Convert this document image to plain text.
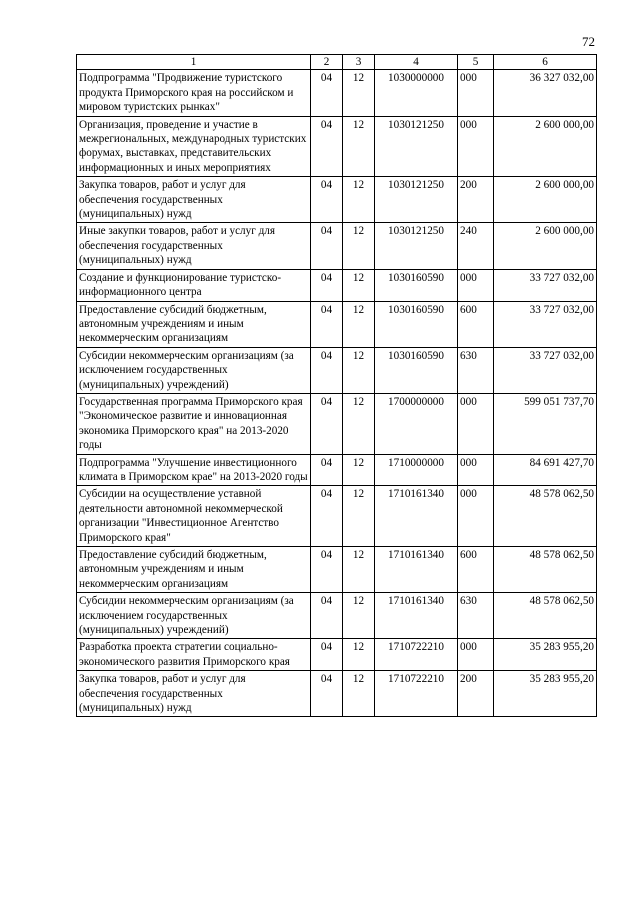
72
1	2	3	4	5	6
Подпрограмма "Продвижение туристского продукта Приморского края на российском и мировом туристских рынках"	04	12	1030000000	000	36 327 032,00
Организация, проведение и участие в межрегиональных, международных туристских форумах, выставках, представительских информационных и иных мероприятиях	04	12	1030121250	000	2 600 000,00
Закупка товаров, работ и услуг для обеспечения государственных (муниципальных) нужд	04	12	1030121250	200	2 600 000,00
Иные закупки товаров, работ и услуг для обеспечения государственных (муниципальных) нужд	04	12	1030121250	240	2 600 000,00
Создание и функционирование туристско-информационного центра	04	12	1030160590	000	33 727 032,00
Предоставление субсидий бюджетным, автономным учреждениям и иным некоммерческим организациям	04	12	1030160590	600	33 727 032,00
Субсидии некоммерческим организациям (за исключением государственных (муниципальных) учреждений)	04	12	1030160590	630	33 727 032,00
Государственная программа Приморского края "Экономическое развитие и инновационная экономика Приморского края" на 2013-2020 годы	04	12	1700000000	000	599 051 737,70
Подпрограмма "Улучшение инвестиционного климата в Приморском крае" на 2013-2020 годы	04	12	1710000000	000	84 691 427,70
Субсидии на осуществление уставной деятельности автономной некоммерческой организации "Инвестиционное Агентство Приморского края"	04	12	1710161340	000	48 578 062,50
Предоставление субсидий бюджетным, автономным учреждениям и иным некоммерческим организациям	04	12	1710161340	600	48 578 062,50
Субсидии некоммерческим организациям (за исключением государственных (муниципальных) учреждений)	04	12	1710161340	630	48 578 062,50
Разработка проекта стратегии социально-экономического развития Приморского края	04	12	1710722210	000	35 283 955,20
Закупка товаров, работ и услуг для обеспечения государственных (муниципальных) нужд	04	12	1710722210	200	35 283 955,20
